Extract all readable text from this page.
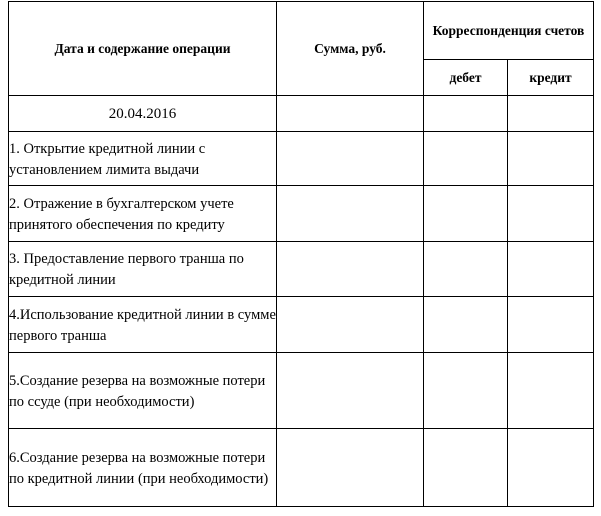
Дата и содержание операции	Сумма, руб.	Корреспонденция счетов	
		дебет	кредит
20.04.2016			

1. Открытие кредитной линии с установлением лимита выдачи			

2. Отражение в бухгалтерском учете принятого обеспечения по кредиту			

3. Предоставление первого транша по кредитной линии			

4.Использование кредитной линии в сумме первого транша			

5.Создание резерва на возможные потери по ссуде (при необходимости)			

6.Создание резерва на возможные потери по кредитной линии (при необходимости)			
